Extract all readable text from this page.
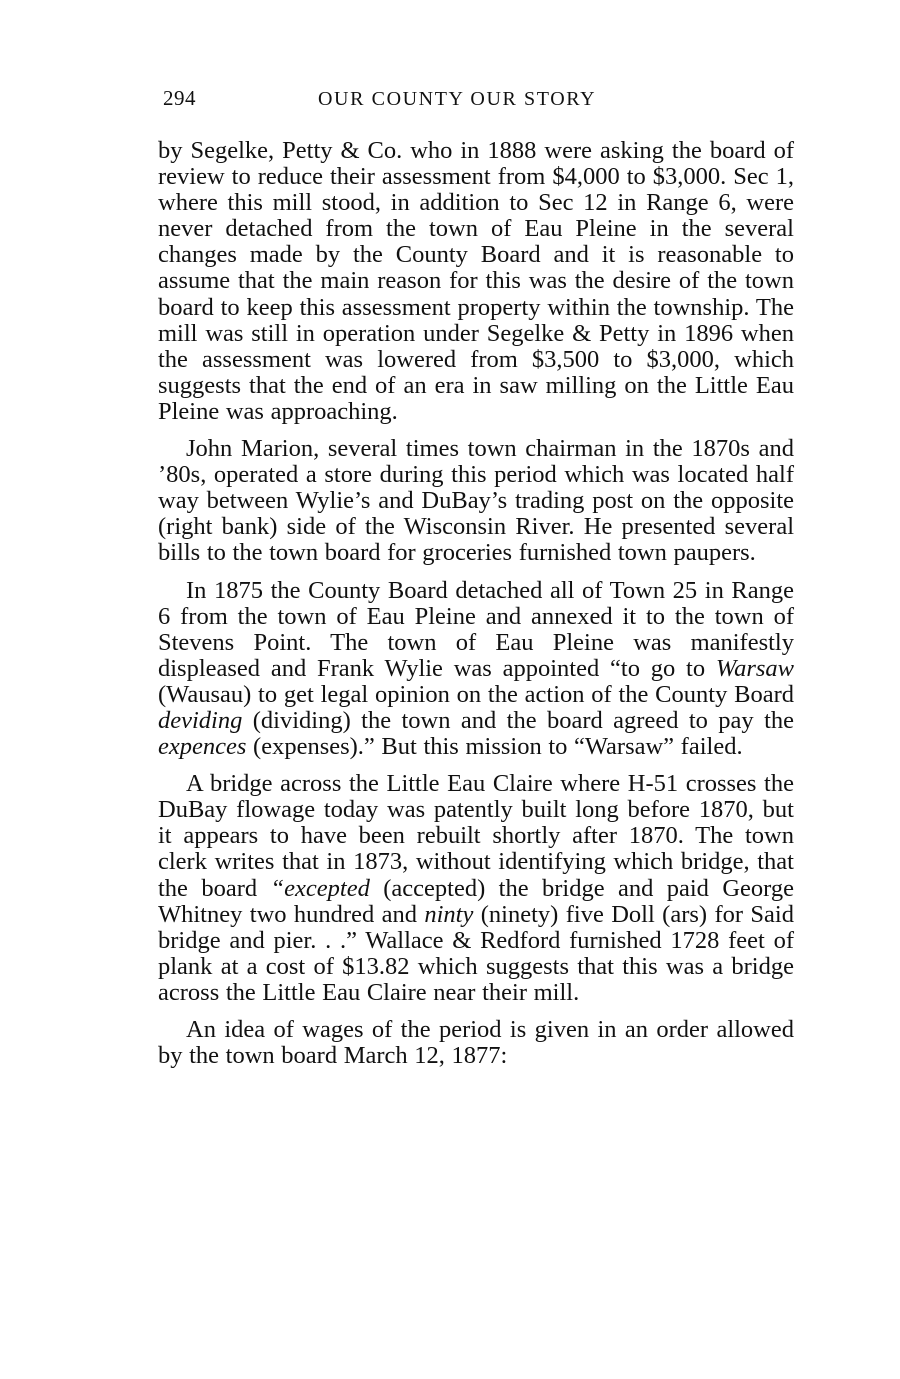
294	OUR COUNTY OUR STORY

by Segelke, Petty & Co. who in 1888 were asking the board of review to reduce their assessment from $4,000 to $3,000. Sec 1, where this mill stood, in addition to Sec 12 in Range 6, were never detached from the town of Eau Pleine in the several changes made by the County Board and it is reasonable to assume that the main reason for this was the desire of the town board to keep this assessment property within the township. The mill was still in operation under Segelke & Petty in 1896 when the assessment was lowered from $3,500 to $3,000, which suggests that the end of an era in saw milling on the Little Eau Pleine was approaching.

John Marion, several times town chairman in the 1870s and ’80s, operated a store during this period which was located half way between Wylie’s and DuBay’s trading post on the opposite (right bank) side of the Wisconsin River. He presented several bills to the town board for groceries furnished town paupers.

In 1875 the County Board detached all of Town 25 in Range 6 from the town of Eau Pleine and annexed it to the town of Stevens Point. The town of Eau Pleine was manifestly displeased and Frank Wylie was appointed “to go to Warsaw (Wausau) to get legal opinion on the action of the County Board deviding (dividing) the town and the board agreed to pay the expences (expenses).” But this mission to “Warsaw” failed.

A bridge across the Little Eau Claire where H-51 crosses the DuBay flowage today was patently built long before 1870, but it appears to have been rebuilt shortly after 1870. The town clerk writes that in 1873, without identifying which bridge, that the board “excepted (accepted) the bridge and paid George Whitney two hundred and ninty (ninety) five Doll (ars) for Said bridge and pier. . .” Wallace & Redford furnished 1728 feet of plank at a cost of $13.82 which suggests that this was a bridge across the Little Eau Claire near their mill.

An idea of wages of the period is given in an order allowed by the town board March 12, 1877:
